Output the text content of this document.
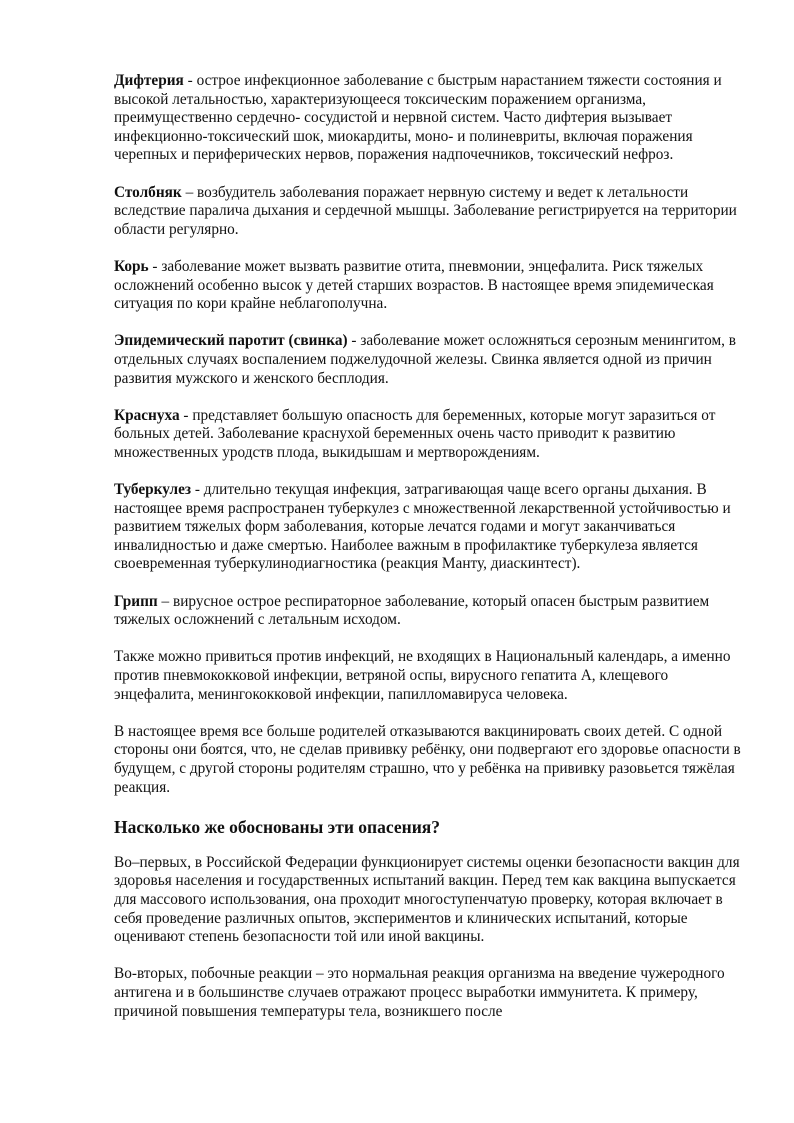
Дифтерия - острое инфекционное заболевание с быстрым нарастанием тяжести состояния и высокой летальностью, характеризующееся токсическим поражением организма, преимущественно сердечно- сосудистой и нервной систем. Часто дифтерия вызывает инфекционно-токсический шок, миокардиты, моно- и полиневриты, включая поражения черепных и периферических нервов, поражения надпочечников, токсический нефроз.

Столбняк – возбудитель заболевания поражает нервную систему и ведет к летальности вследствие паралича дыхания и сердечной мышцы. Заболевание регистрируется на территории области регулярно.

Корь - заболевание может вызвать развитие отита, пневмонии, энцефалита. Риск тяжелых осложнений особенно высок у детей старших возрастов. В настоящее время эпидемическая ситуация по кори крайне неблагополучна.

Эпидемический паротит (свинка) - заболевание может осложняться серозным менингитом, в отдельных случаях воспалением поджелудочной железы. Свинка является одной из причин развития мужского и женского бесплодия.

Краснуха - представляет большую опасность для беременных, которые могут заразиться от больных детей. Заболевание краснухой беременных очень часто приводит к развитию множественных уродств плода, выкидышам и мертворождениям.

Туберкулез - длительно текущая инфекция, затрагивающая чаще всего органы дыхания. В настоящее время распространен туберкулез с множественной лекарственной устойчивостью и развитием тяжелых форм заболевания, которые лечатся годами и могут заканчиваться инвалидностью и даже смертью. Наиболее важным в профилактике туберкулеза является своевременная туберкулинодиагностика (реакция Манту, диаскинтест).

Грипп – вирусное острое респираторное заболевание, который опасен быстрым развитием тяжелых осложнений с летальным исходом.

Также можно привиться против инфекций, не входящих в Национальный календарь, а именно против пневмококковой инфекции, ветряной оспы, вирусного гепатита А, клещевого энцефалита, менингококковой инфекции, папилломавируса человека.

В настоящее время все больше родителей отказываются вакцинировать своих детей. С одной стороны они боятся, что, не сделав прививку ребёнку, они подвергают его здоровье опасности в будущем, с другой стороны родителям страшно, что у ребёнка на прививку разовьется тяжёлая реакция.

Насколько же обоснованы эти опасения?

Во–первых, в Российской Федерации функционирует системы оценки безопасности вакцин для здоровья населения и государственных испытаний вакцин. Перед тем как вакцина выпускается для массового использования, она проходит многоступенчатую проверку, которая включает в себя проведение различных опытов, экспериментов и клинических испытаний, которые оценивают степень безопасности той или иной вакцины.

Во-вторых, побочные реакции – это нормальная реакция организма на введение чужеродного антигена и в большинстве случаев отражают процесс выработки иммунитета. К примеру, причиной повышения температуры тела, возникшего после
